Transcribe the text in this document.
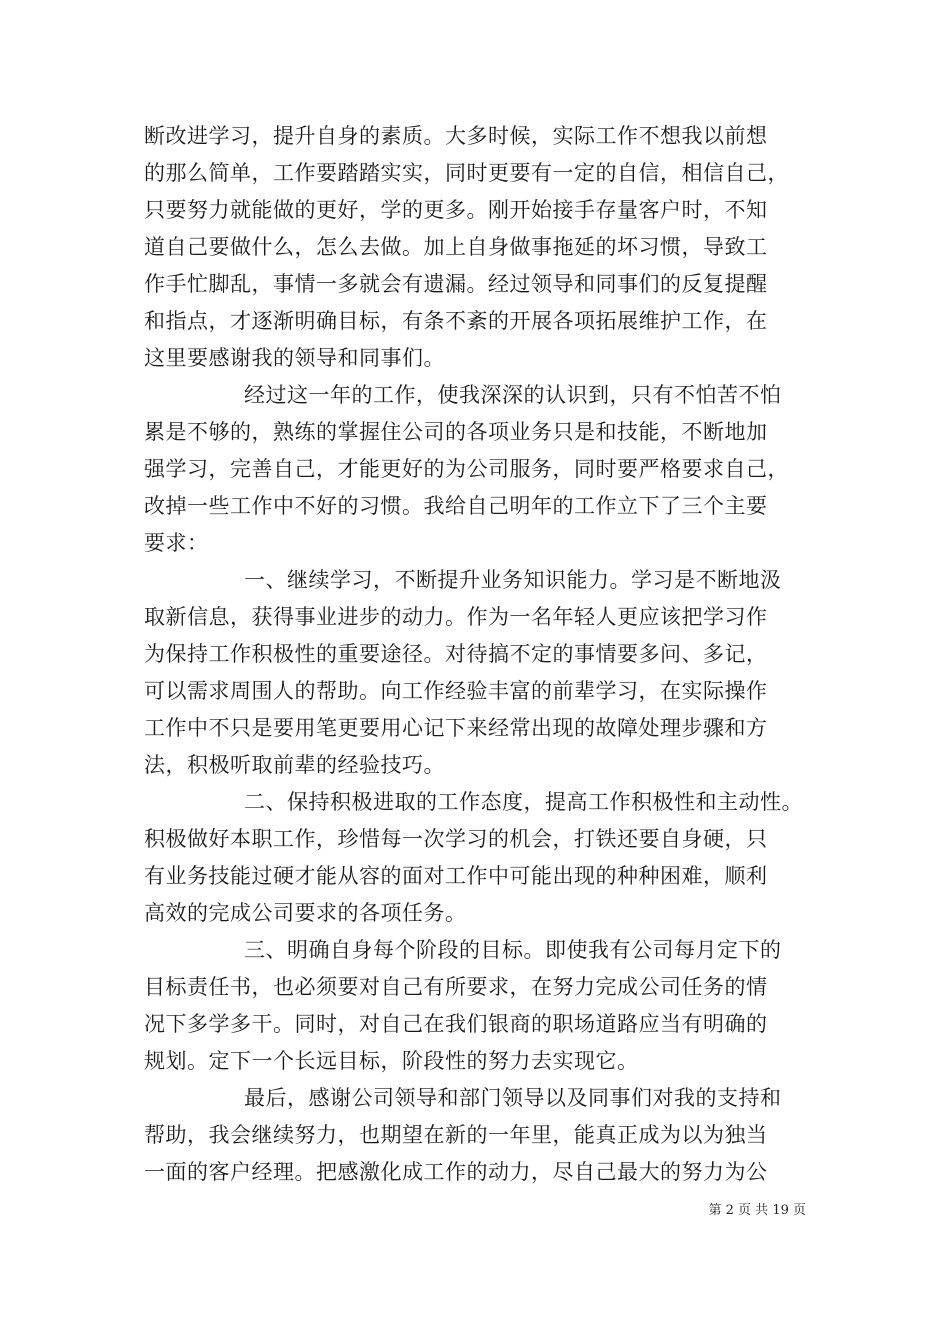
断改进学习，提升自身的素质。大多时候，实际工作不想我以前想
的那么简单，工作要踏踏实实，同时更要有一定的自信，相信自己，
只要努力就能做的更好，学的更多。刚开始接手存量客户时，不知
道自己要做什么，怎么去做。加上自身做事拖延的坏习惯，导致工
作手忙脚乱，事情一多就会有遗漏。经过领导和同事们的反复提醒
和指点，才逐渐明确目标，有条不紊的开展各项拓展维护工作，在
这里要感谢我的领导和同事们。
经过这一年的工作，使我深深的认识到，只有不怕苦不怕
累是不够的，熟练的掌握住公司的各项业务只是和技能，不断地加
强学习，完善自己，才能更好的为公司服务，同时要严格要求自己，
改掉一些工作中不好的习惯。我给自己明年的工作立下了三个主要
要求：
一、继续学习，不断提升业务知识能力。学习是不断地汲
取新信息，获得事业进步的动力。作为一名年轻人更应该把学习作
为保持工作积极性的重要途径。对待搞不定的事情要多问、多记，
可以需求周围人的帮助。向工作经验丰富的前辈学习，在实际操作
工作中不只是要用笔更要用心记下来经常出现的故障处理步骤和方
法，积极听取前辈的经验技巧。
二、保持积极进取的工作态度，提高工作积极性和主动性。
积极做好本职工作，珍惜每一次学习的机会，打铁还要自身硬，只
有业务技能过硬才能从容的面对工作中可能出现的种种困难，顺利
高效的完成公司要求的各项任务。
三、明确自身每个阶段的目标。即使我有公司每月定下的
目标责任书，也必须要对自己有所要求，在努力完成公司任务的情
况下多学多干。同时，对自己在我们银商的职场道路应当有明确的
规划。定下一个长远目标，阶段性的努力去实现它。
最后，感谢公司领导和部门领导以及同事们对我的支持和
帮助，我会继续努力，也期望在新的一年里，能真正成为以为独当
一面的客户经理。把感激化成工作的动力，尽自己最大的努力为公
第 2 页 共 19 页
